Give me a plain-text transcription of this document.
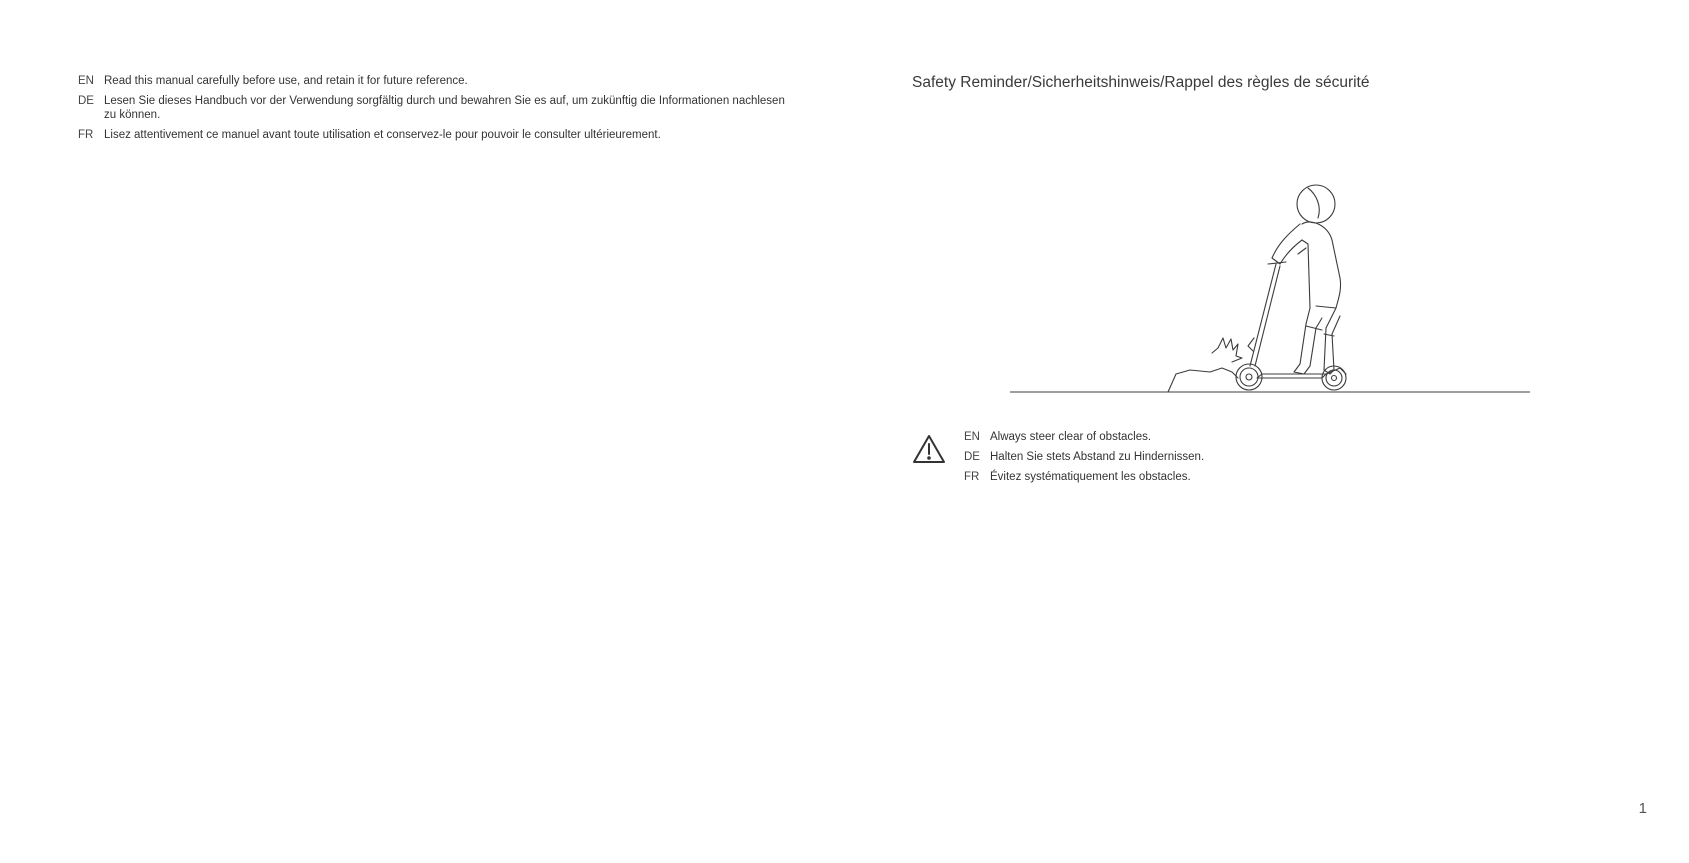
EN Read this manual carefully before use, and retain it for future reference.
DE Lesen Sie dieses Handbuch vor der Verwendung sorgfältig durch und bewahren Sie es auf, um zukünftig die Informationen nachlesen zu können.
FR Lisez attentivement ce manuel avant toute utilisation et conservez-le pour pouvoir le consulter ultérieurement.
Safety Reminder/Sicherheitshinweis/Rappel des règles de sécurité
EN Always steer clear of obstacles.
DE Halten Sie stets Abstand zu Hindernissen.
FR Évitez systématiquement les obstacles.
1
